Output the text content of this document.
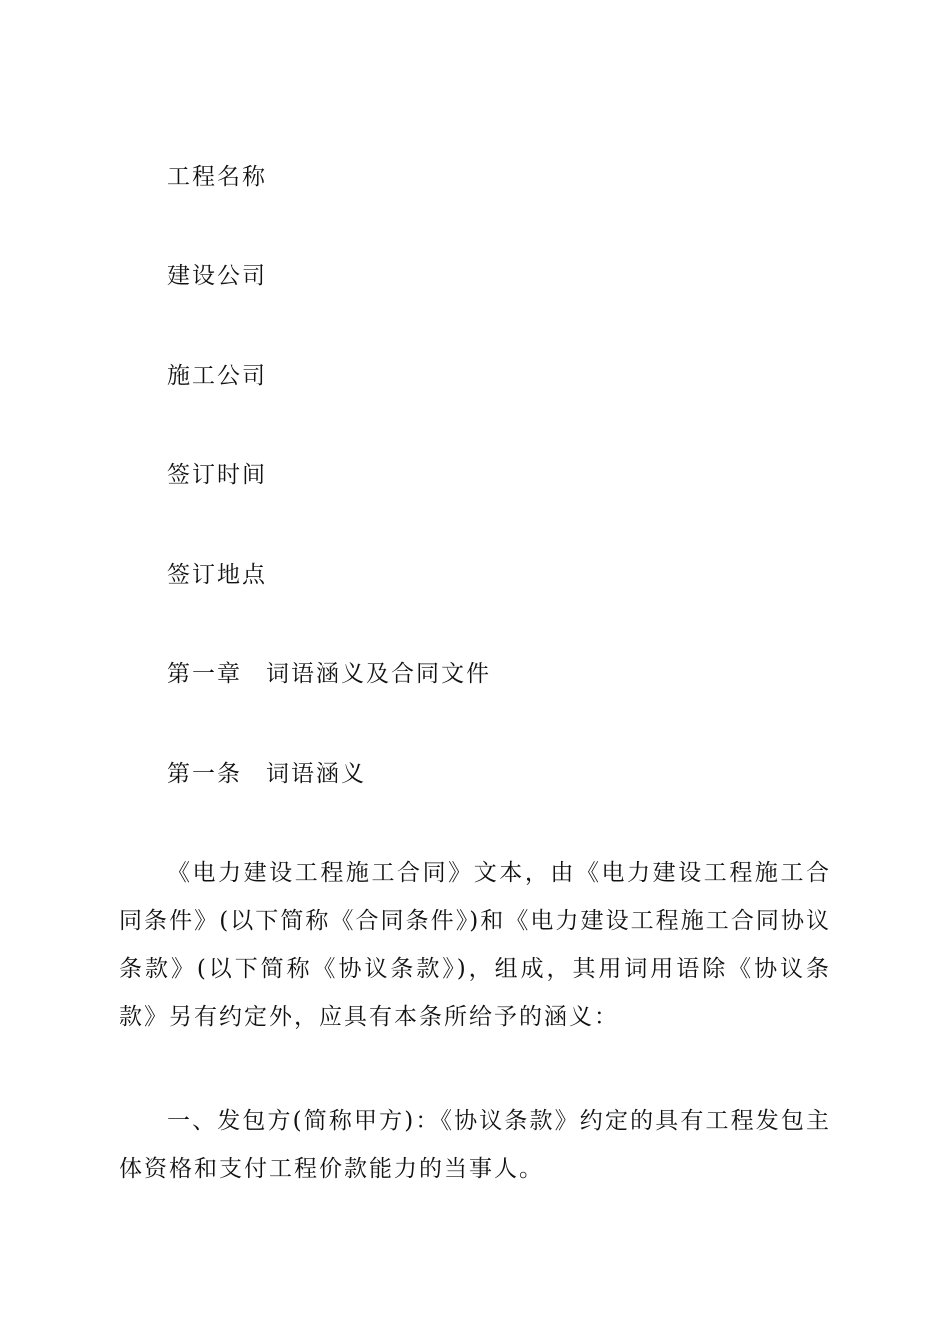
工程名称
建设公司
施工公司
签订时间
签订地点
第一章 词语涵义及合同文件
第一条 词语涵义
《电力建设工程施工合同》文本，由《电力建设工程施工合同条件》(以下简称《合同条件》)和《电力建设工程施工合同协议条款》(以下简称《协议条款》)，组成，其用词用语除《协议条款》另有约定外，应具有本条所给予的涵义：
一、发包方(简称甲方)：《协议条款》约定的具有工程发包主体资格和支付工程价款能力的当事人。
